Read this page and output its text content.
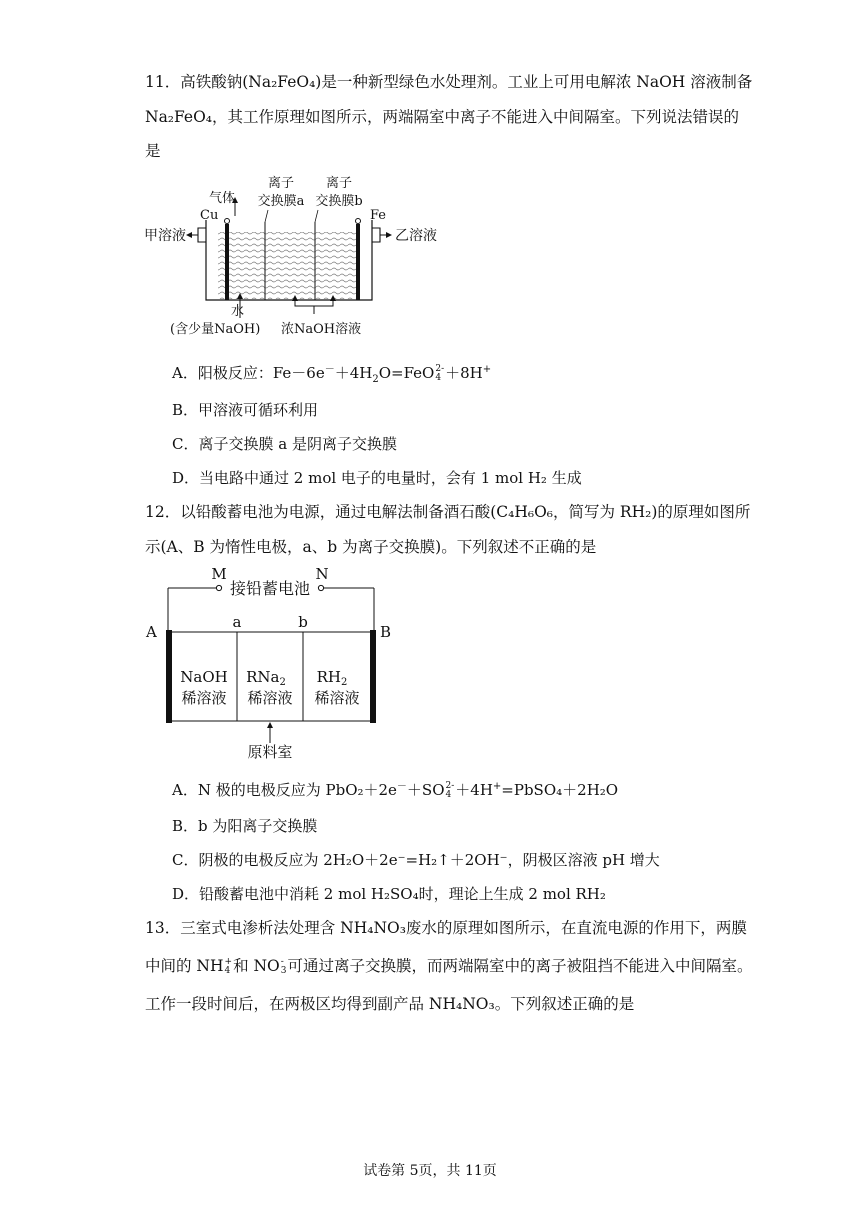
11．高铁酸钠(Na₂FeO₄)是一种新型绿色水处理剂。工业上可用电解浓 NaOH 溶液制备
Na₂FeO₄，其工作原理如图所示，两端隔室中离子不能进入中间隔室。下列说法错误的
是
气体
离子
交换膜a
离子
交换膜b
Cu	Fe
甲溶液	乙溶液
水
(含少量NaOH) 浓NaOH溶液
A．阳极反应：$Fe-6e^-+4H_2O=FeO$ 2-
4 ＋8H+
B．甲溶液可循环利用
C．离子交换膜 a 是阴离子交换膜
D．当电路中通过 2 mol 电子的电量时，会有 1 mol H₂ 生成
12．以铅酸蓄电池为电源，通过电解法制备酒石酸(C₄H₆O₆，简写为 RH₂)的原理如图所
示(A、B 为惰性电极，a、b 为离子交换膜)。下列叙述不正确的是
M	N
接铅蓄电池
A	B
a	b
NaOH
稀溶液
RNa$_2$
稀溶液
$RH_2$
稀溶液
原料室
A．N 极的电极反应为 PbO₂＋2e－＋SO 2-
4 ＋4H+=PbSO₄＋2H₂O
B．b 为阳离子交换膜
C．阴极的电极反应为 2H₂O＋2e⁻=H₂↑＋2OH⁻，阴极区溶液 pH 增大
D．铅酸蓄电池中消耗 2 mol H₂SO₄时，理论上生成 2 mol RH₂
13．三室式电渗析法处理含 NH₄NO₃废水的原理如图所示，在直流电源的作用下，两膜
中间的 NH +
4 和 NO -
3 可通过离子交换膜，而两端隔室中的离子被阻挡不能进入中间隔室。
工作一段时间后，在两极区均得到副产品 NH₄NO₃。下列叙述正确的是
试卷第 5页，共 11页
